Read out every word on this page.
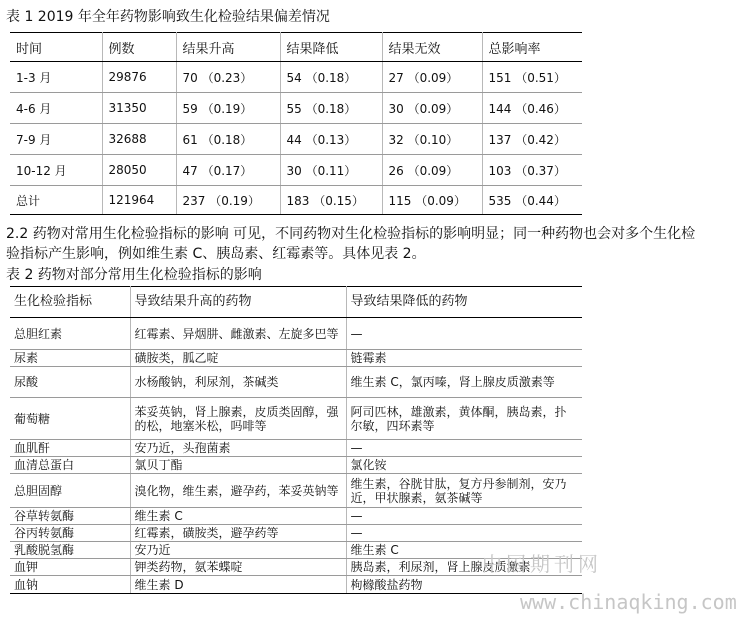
表 1 2019 年全年药物影响致生化检验结果偏差情况
时间	例数	结果升高	结果降低	结果无效	总影响率
1-3 月	29876	70 （0.23）	54 （0.18）	27 （0.09）	151 （0.51）
4-6 月	31350	59 （0.19）	55 （0.18）	30 （0.09）	144 （0.46）
7-9 月	32688	61 （0.18）	44 （0.13）	32 （0.10）	137 （0.42）
10-12 月	28050	47 （0.17）	30 （0.11）	26 （0.09）	103 （0.37）
总计	121964	237 （0.19）	183 （0.15）	115 （0.09）	535 （0.44）
2.2 药物对常用生化检验指标的影响 可见，不同药物对生化检验指标的影响明显；同一种药物也会对多个生化检验指标产生影响，例如维生素 C、胰岛素、红霉素等。具体见表 2。
表 2 药物对部分常用生化检验指标的影响
生化检验指标	导致结果升高的药物	导致结果降低的药物
总胆红素	红霉素、异烟肼、雌激素、左旋多巴等	—
尿素	磺胺类，胍乙啶	链霉素
尿酸	水杨酸钠，利尿剂，茶碱类	维生素 C，氯丙嗪，肾上腺皮质激素等
葡萄糖	苯妥英钠，肾上腺素，皮质类固醇，强的松，地塞米松，吗啡等	阿司匹林，雄激素，黄体酮，胰岛素，扑尔敏，四环素等
血肌酐	安乃近，头孢菌素	—
血清总蛋白	氯贝丁酯	氯化铵
总胆固醇	溴化物，维生素，避孕药，苯妥英钠等	维生素，谷胱甘肽，复方丹参制剂，安乃近，甲状腺素，氨茶碱等
谷草转氨酶	维生素 C	—
谷丙转氨酶	红霉素，磺胺类，避孕药等	—
乳酸脱氢酶	安乃近	维生素 C
血钾	钾类药物，氨苯蝶啶	胰岛素，利尿剂，肾上腺皮质激素
血钠	维生素 D	枸橼酸盐药物
中国期刊网
www.chinaqking.com
